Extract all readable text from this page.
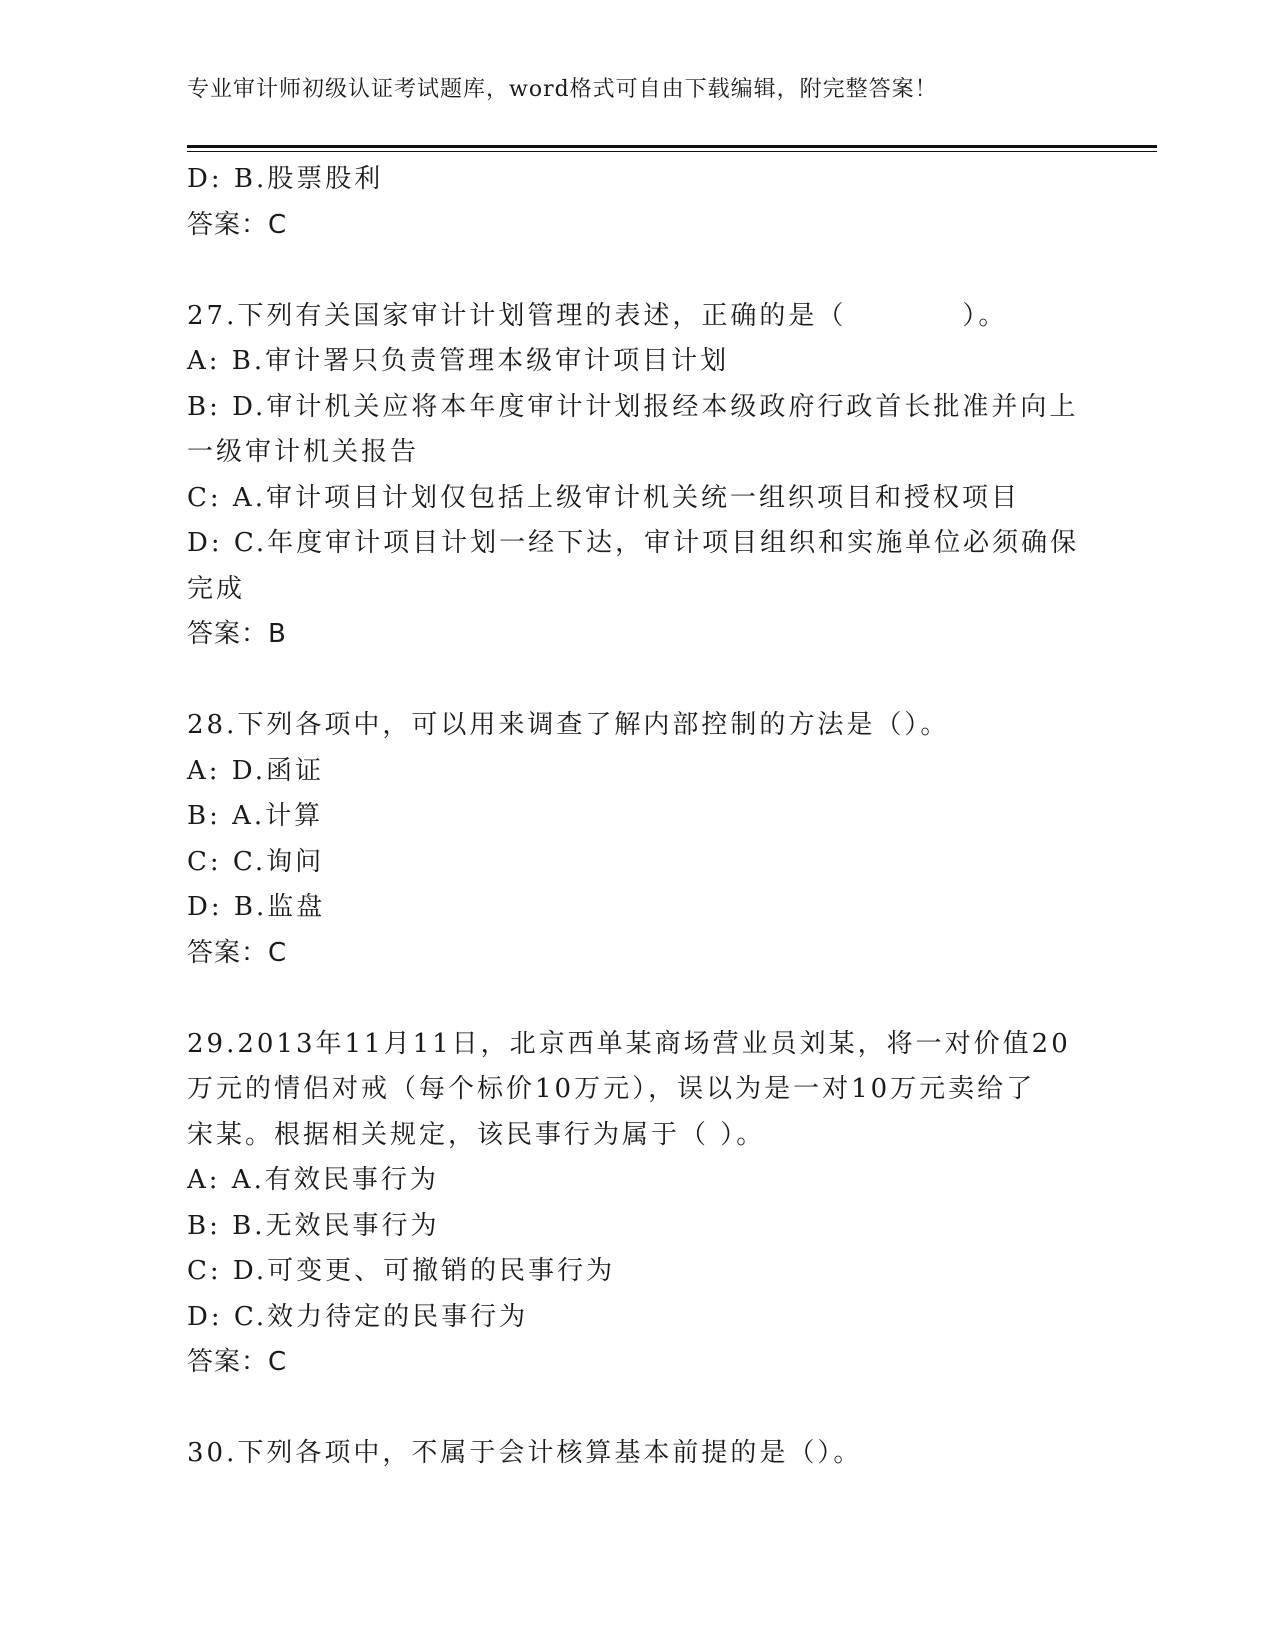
专业审计师初级认证考试题库，word格式可自由下载编辑，附完整答案！
D: B.股票股利
答案：C
27.下列有关国家审计计划管理的表述，正确的是（　　　　）。
A: B.审计署只负责管理本级审计项目计划
B: D.审计机关应将本年度审计计划报经本级政府行政首长批准并向上
一级审计机关报告
C: A.审计项目计划仅包括上级审计机关统一组织项目和授权项目
D: C.年度审计项目计划一经下达，审计项目组织和实施单位必须确保
完成
答案：B
28.下列各项中，可以用来调查了解内部控制的方法是（）。
A: D.函证
B: A.计算
C: C.询问
D: B.监盘
答案：C
29.2013年11月11日，北京西单某商场营业员刘某，将一对价值20
万元的情侣对戒（每个标价10万元），误以为是一对10万元卖给了
宋某。根据相关规定，该民事行为属于（ ）。
A: A.有效民事行为
B: B.无效民事行为
C: D.可变更、可撤销的民事行为
D: C.效力待定的民事行为
答案：C
30.下列各项中，不属于会计核算基本前提的是（）。
